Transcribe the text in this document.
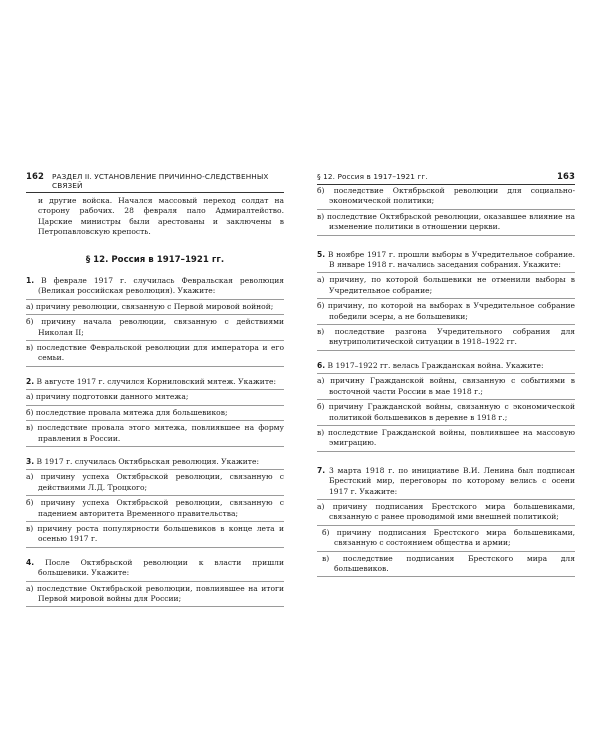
162 РАЗДЕЛ II. УСТАНОВЛЕНИЕ ПРИЧИННО-СЛЕДСТВЕННЫХ СВЯЗЕЙ

и другие войска. Начался массовый переход солдат на сторону рабочих. 28 февраля пало Адмиралтейство. Царские министры были арестованы и заключены в Петропавловскую крепость.

§ 12. Россия в 1917–1921 гг.

1. В феврале 1917 г. случилась Февральская революция (Великая российская революция). Укажите:

а) причину революции, связанную с Первой мировой войной;

б) причину начала революции, связанную с действиями Николая II;

в) последствие Февральской революции для императора и его семьи.

2. В августе 1917 г. случился Корниловский мятеж. Укажите:

а) причину подготовки данного мятежа;

б) последствие провала мятежа для большевиков;

в) последствие провала этого мятежа, повлиявшее на форму правления в России.

3. В 1917 г. случилась Октябрьская революция. Укажите:

а) причину успеха Октябрьской революции, связанную с действиями Л.Д. Троцкого;

б) причину успеха Октябрьской революции, связанную с падением авторитета Временного правительства;

в) причину роста популярности большевиков в конце лета и осенью 1917 г.

4. После Октябрьской революции к власти пришли большевики. Укажите:

а) последствие Октябрьской революции, повлиявшее на итоги Первой мировой войны для России;

§ 12. Россия в 1917–1921 гг.	163

б) последствие Октябрьской революции для социально-экономической политики;

в) последствие Октябрьской революции, оказавшее влияние на изменение политики в отношении церкви.

5. В ноябре 1917 г. прошли выборы в Учредительное собрание. В январе 1918 г. начались заседания собрания. Укажите:

а) причину, по которой большевики не отменили выборы в Учредительное собрание;

б) причину, по которой на выборах в Учредительное собрание победили эсеры, а не большевики;

в) последствие разгона Учредительного собрания для внутриполитической ситуации в 1918–1922 гг.

6. В 1917–1922 гг. велась Гражданская война. Укажите:

а) причину Гражданской войны, связанную с событиями в восточной части России в мае 1918 г.;

б) причину Гражданской войны, связанную с экономической политикой большевиков в деревне в 1918 г.;

в) последствие Гражданской войны, повлиявшее на массовую эмиграцию.

7. 3 марта 1918 г. по инициативе В.И. Ленина был подписан Брестский мир, переговоры по которому велись с осени 1917 г. Укажите:

а) причину подписания Брестского мира большевиками, связанную с ранее проводимой ими внешней политикой;

б) причину подписания Брестского мира большевиками, связанную с состоянием общества и армии;

в) последствие подписания Брестского мира для большевиков.
